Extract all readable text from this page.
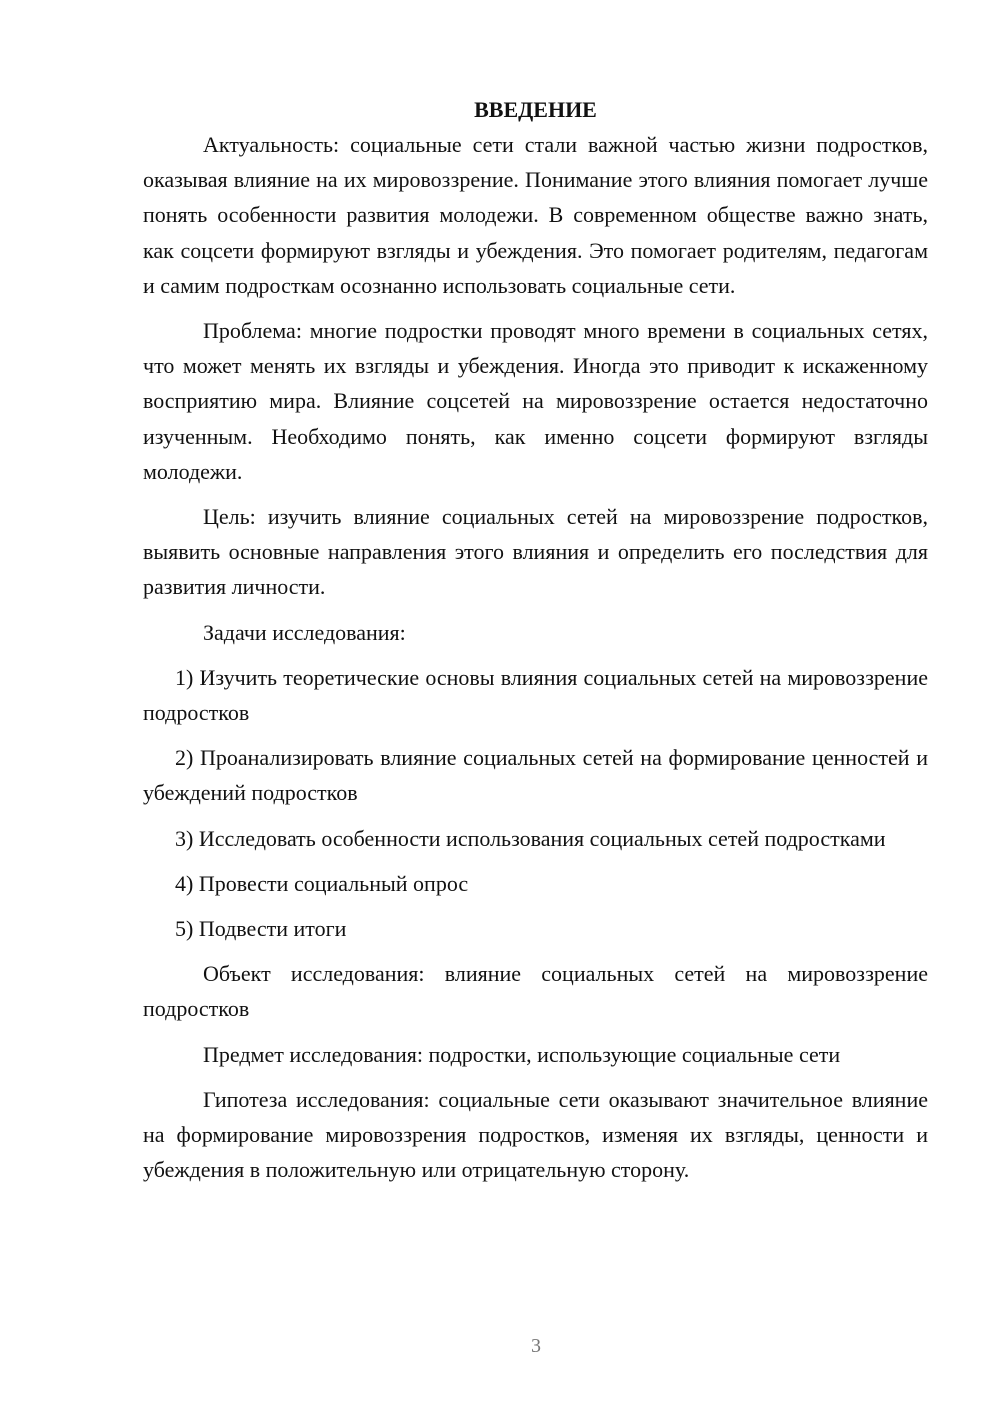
ВВЕДЕНИЕ

Актуальность: социальные сети стали важной частью жизни подростков, оказывая влияние на их мировоззрение. Понимание этого влияния помогает лучше понять особенности развития молодежи. В современном обществе важно знать, как соцсети формируют взгляды и убеждения. Это помогает родителям, педагогам и самим подросткам осознанно использовать социальные сети.

Проблема: многие подростки проводят много времени в социальных сетях, что может менять их взгляды и убеждения. Иногда это приводит к искаженному восприятию мира. Влияние соцсетей на мировоззрение остается недостаточно изученным. Необходимо понять, как именно соцсети формируют взгляды молодежи.

Цель: изучить влияние социальных сетей на мировоззрение подростков, выявить основные направления этого влияния и определить его последствия для развития личности.

Задачи исследования:

1) Изучить теоретические основы влияния социальных сетей на мировоззрение подростков

2) Проанализировать влияние социальных сетей на формирование ценностей и убеждений подростков

3) Исследовать особенности использования социальных сетей подростками

4) Провести социальный опрос

5) Подвести итоги

Объект исследования: влияние социальных сетей на мировоззрение подростков

Предмет исследования: подростки, использующие социальные сети

Гипотеза исследования: социальные сети оказывают значительное влияние на формирование мировоззрения подростков, изменяя их взгляды, ценности и убеждения в положительную или отрицательную сторону.

3
